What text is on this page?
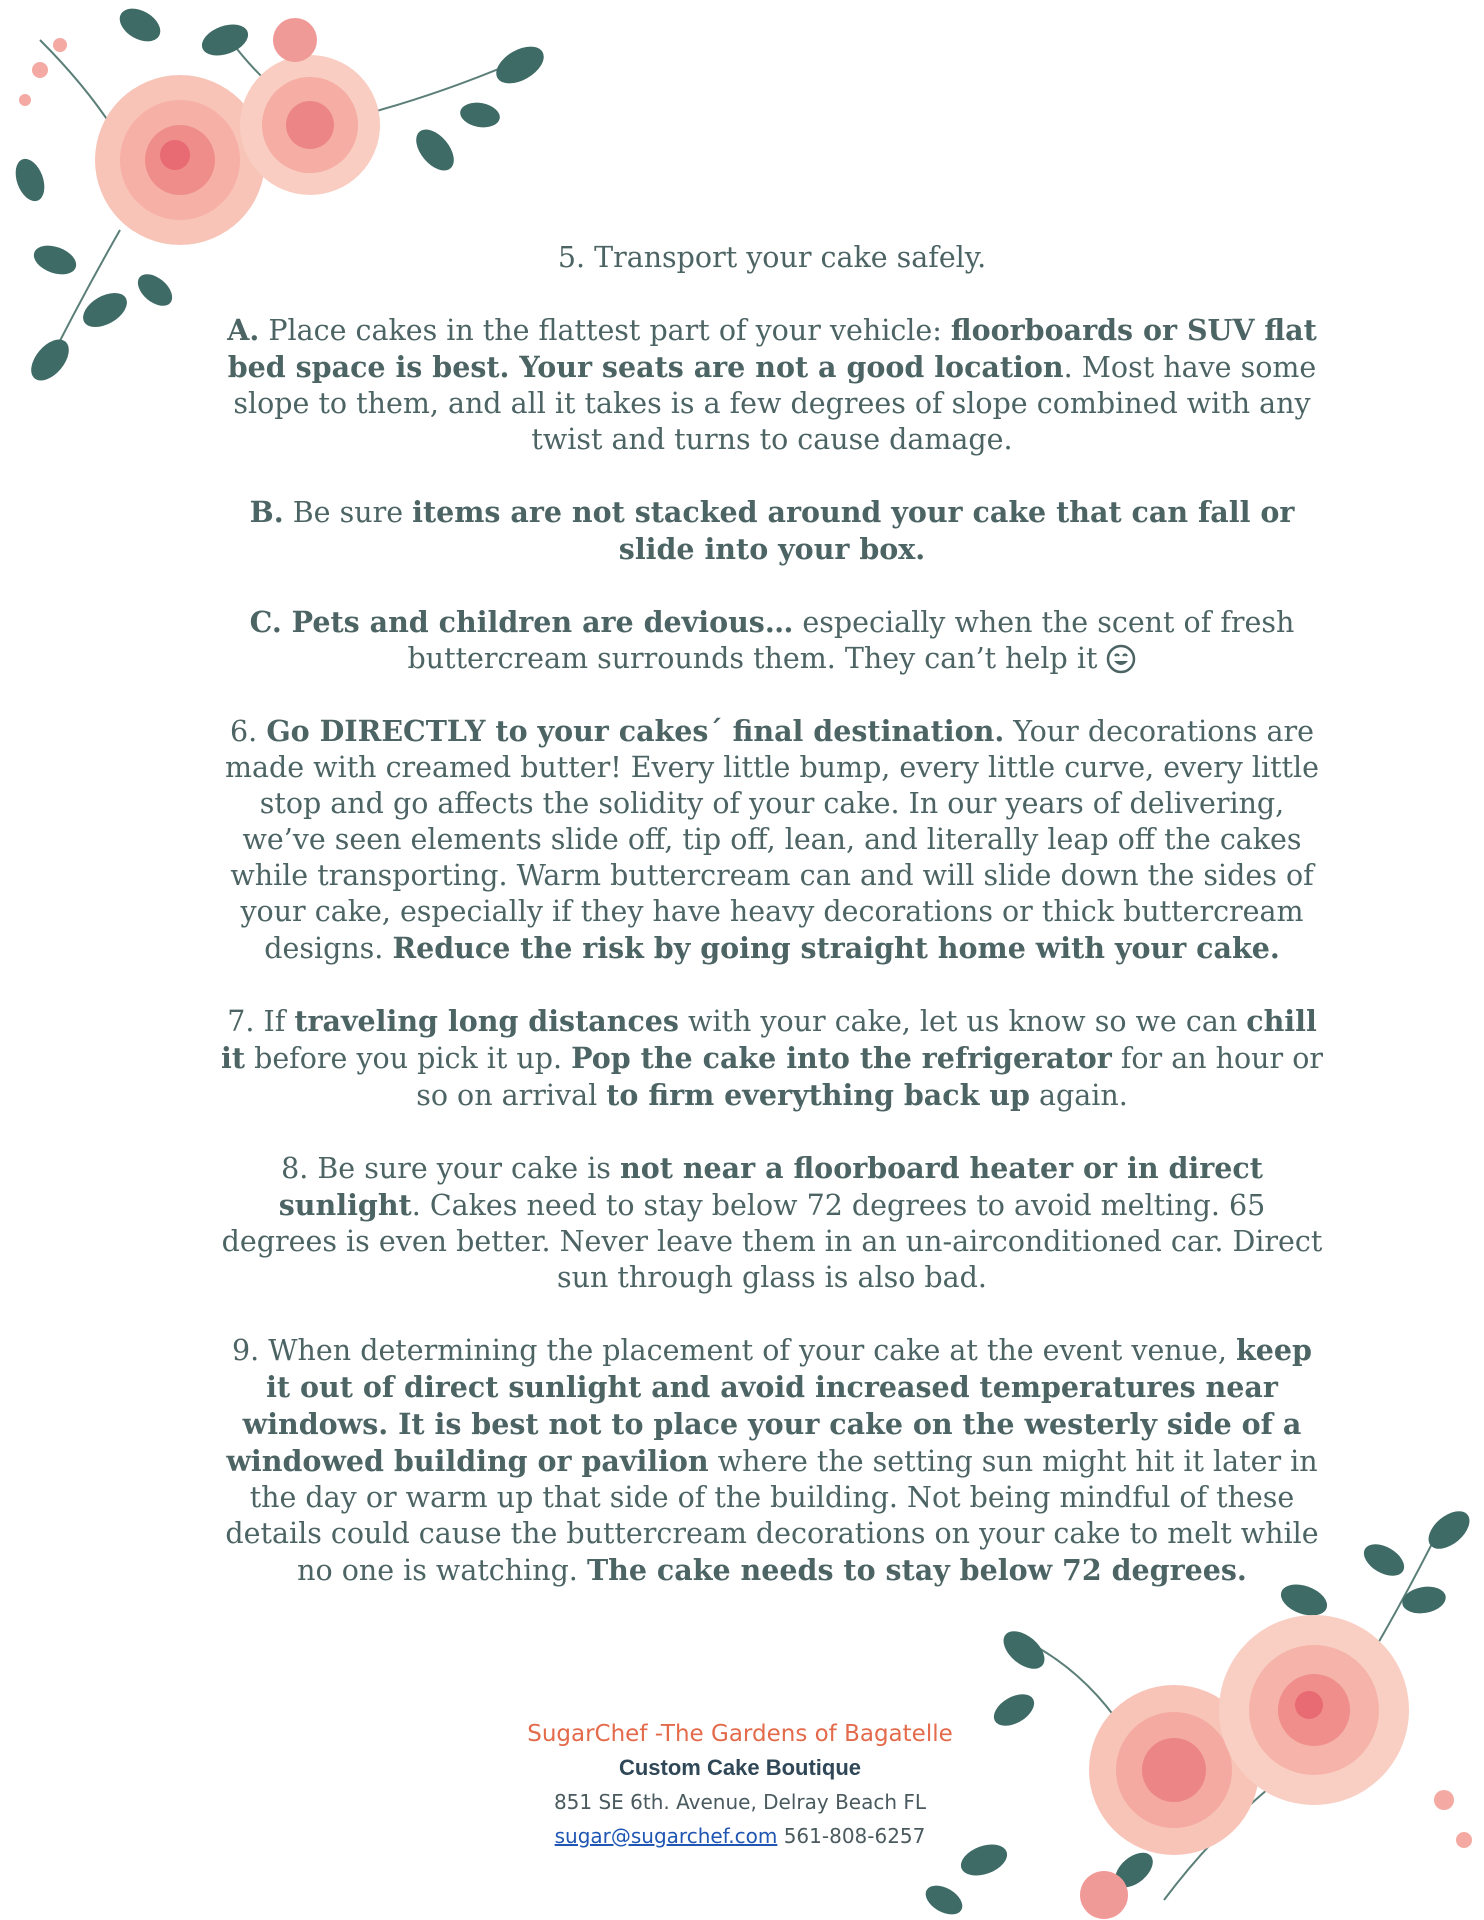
5. Transport your cake safely.

A. Place cakes in the flattest part of your vehicle: floorboards or SUV flat bed space is best. Your seats are not a good location. Most have some slope to them, and all it takes is a few degrees of slope combined with any twist and turns to cause damage.

B. Be sure items are not stacked around your cake that can fall or slide into your box.

C. Pets and children are devious… especially when the scent of fresh buttercream surrounds them. They can’t help it

6. Go DIRECTLY to your cakes´ final destination. Your decorations are made with creamed butter! Every little bump, every little curve, every little stop and go affects the solidity of your cake. In our years of delivering, we’ve seen elements slide off, tip off, lean, and literally leap off the cakes while transporting. Warm buttercream can and will slide down the sides of your cake, especially if they have heavy decorations or thick buttercream designs. Reduce the risk by going straight home with your cake.

7. If traveling long distances with your cake, let us know so we can chill it before you pick it up. Pop the cake into the refrigerator for an hour or so on arrival to firm everything back up again.

8. Be sure your cake is not near a floorboard heater or in direct sunlight. Cakes need to stay below 72 degrees to avoid melting. 65 degrees is even better. Never leave them in an un-airconditioned car. Direct sun through glass is also bad.

9. When determining the placement of your cake at the event venue, keep it out of direct sunlight and avoid increased temperatures near windows. It is best not to place your cake on the westerly side of a windowed building or pavilion where the setting sun might hit it later in the day or warm up that side of the building. Not being mindful of these details could cause the buttercream decorations on your cake to melt while no one is watching. The cake needs to stay below 72 degrees.

SugarChef -The Gardens of Bagatelle
Custom Cake Boutique
851 SE 6th. Avenue, Delray Beach FL
sugar@sugarchef.com 561-808-6257
